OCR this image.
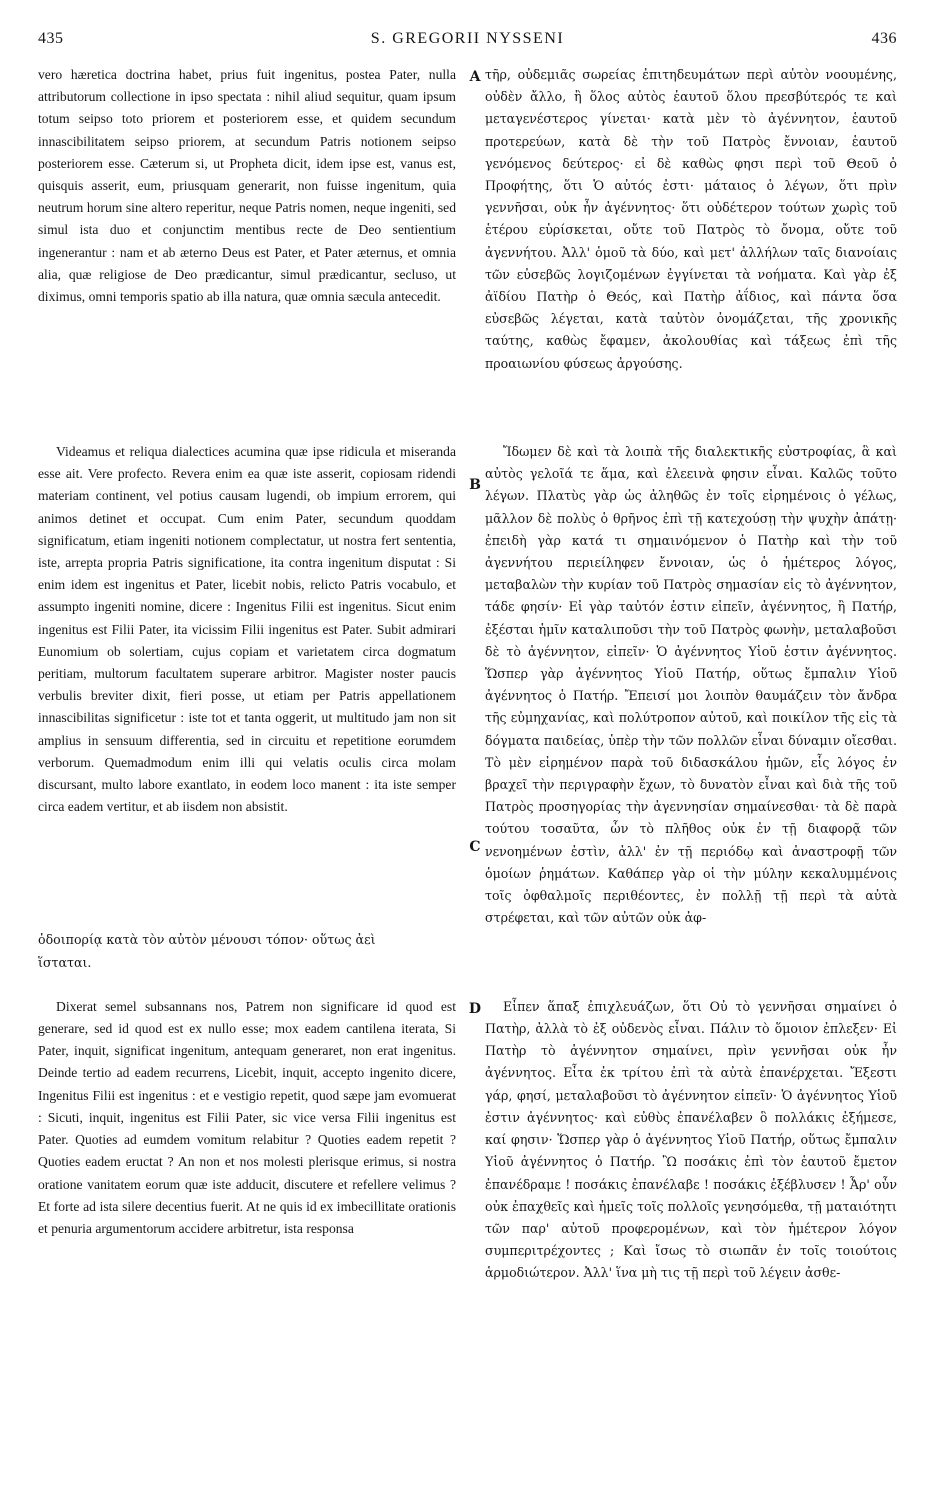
435	S. GREGORII NYSSENI	436

vero hæretica doctrina habet, prius fuit ingenitus, postea Pater, nulla attributorum collectione in ipso spectata : nihil aliud sequitur, quam ipsum totum seipso toto priorem et posteriorem esse, et quidem secundum innascibilitatem seipso priorem, at secundum Patris notionem seipso posteriorem esse. Cæterum si, ut Propheta dicit, idem ipse est, vanus est, quisquis asserit, eum, priusquam generarit, non fuisse ingenitum, quia neutrum horum sine altero reperitur, neque Patris nomen, neque ingeniti, sed simul ista duo et conjunctim mentibus recte de Deo sentientium ingenerantur : nam et ab æterno Deus est Pater, et Pater æternus, et omnia alia, quæ religiose de Deo prædicantur, simul prædicantur, secluso, ut diximus, omni temporis spatio ab illa natura, quæ omnia sæcula antecedit.

Videamus et reliqua dialectices acumina quæ ipse ridicula et miseranda esse ait. Vere profecto. Revera enim ea quæ iste asserit, copiosam ridendi materiam continent, vel potius causam lugendi, ob impium errorem, qui animos detinet et occupat. Cum enim Pater, secundum quoddam significatum, etiam ingeniti notionem complectatur, ut nostra fert sententia, iste, arrepta propria Patris significatione, ita contra ingenitum disputat : Si enim idem est ingenitus et Pater, licebit nobis, relicto Patris vocabulo, et assumpto ingeniti nomine, dicere : Ingenitus Filii est ingenitus. Sicut enim ingenitus est Filii Pater, ita vicissim Filii ingenitus est Pater. Subit admirari Eunomium ob solertiam, cujus copiam et varietatem circa dogmatum peritiam, multorum facultatem superare arbitror. Magister noster paucis verbulis breviter dixit, fieri posse, ut etiam per Patris appellationem innascibilitas significetur : iste tot et tanta oggerit, ut multitudo jam non sit amplius in sensuum differentia, sed in circuitu et repetitione eorumdem verborum. Quemadmodum enim illi qui velatis oculis circa molam discursant, multo labore exantlato, in eodem loco manent : ita iste semper circa eadem vertitur, et ab iisdem non absistit.

A
B
C

τῆρ, οὐδεμιᾶς σωρείας ἐπιτηδευμάτων περὶ αὐτὸν νοουμένης, οὐδὲν ἄλλο, ἢ ὅλος αὐτὸς ἑαυτοῦ ὅλου πρεσβύτερός τε καὶ μεταγενέστερος γίνεται· κατὰ μὲν τὸ ἀγέννητον, ἑαυτοῦ προτερεύων, κατὰ δὲ τὴν τοῦ Πατρὸς ἔννοιαν, ἑαυτοῦ γενόμενος δεύτερος· εἰ δὲ καθὼς φησι περὶ τοῦ Θεοῦ ὁ Προφήτης, ὅτι Ὁ αὐτός ἐστι· μάταιος ὁ λέγων, ὅτι πρὶν γεννῆσαι, οὐκ ἦν ἀγέννητος· ὅτι οὐδέτερον τούτων χωρὶς τοῦ ἑτέρου εὑρίσκεται, οὔτε τοῦ Πατρὸς τὸ ὄνομα, οὔτε τοῦ ἀγεννήτου. Ἀλλ' ὁμοῦ τὰ δύο, καὶ μετ' ἀλλήλων ταῖς διανοίαις τῶν εὐσεβῶς λογιζομένων ἐγγίνεται τὰ νοήματα. Καὶ γὰρ ἐξ ἀϊδίου Πατὴρ ὁ Θεός, καὶ Πατὴρ ἀΐδιος, καὶ πάντα ὅσα εὐσεβῶς λέγεται, κατὰ ταὐτὸν ὀνομάζεται, τῆς χρονικῆς ταύτης, καθὼς ἔφαμεν, ἀκολουθίας καὶ τάξεως ἐπὶ τῆς προαιωνίου φύσεως ἀργούσης.

Ἴδωμεν δὲ καὶ τὰ λοιπὰ τῆς διαλεκτικῆς εὐστροφίας, ἃ καὶ αὐτὸς γελοῖά τε ἅμα, καὶ ἐλεεινὰ φησιν εἶναι. Καλῶς τοῦτο λέγων. Πλατὺς γὰρ ὡς ἀληθῶς ἐν τοῖς εἰρημένοις ὁ γέλως, μᾶλλον δὲ πολὺς ὁ θρῆνος ἐπὶ τῇ κατεχούσῃ τὴν ψυχὴν ἀπάτῃ· ἐπειδὴ γὰρ κατά τι σημαινόμενον ὁ Πατὴρ καὶ τὴν τοῦ ἀγεννήτου περιείληφεν ἔννοιαν, ὡς ὁ ἡμέτερος λόγος, μεταβαλὼν τὴν κυρίαν τοῦ Πατρὸς σημασίαν εἰς τὸ ἀγέννητον, τάδε φησίν· Εἰ γὰρ ταὐτόν ἐστιν εἰπεῖν, ἀγέννητος, ἢ Πατήρ, ἐξέσται ἡμῖν καταλιποῦσι τὴν τοῦ Πατρὸς φωνὴν, μεταλαβοῦσι δὲ τὸ ἀγέννητον, εἰπεῖν· Ὁ ἀγέννητος Υἱοῦ ἐστιν ἀγέννητος. Ὥσπερ γὰρ ἀγέννητος Υἱοῦ Πατήρ, οὕτως ἔμπαλιν Υἱοῦ ἀγέννητος ὁ Πατήρ. Ἔπεισί μοι λοιπὸν θαυμάζειν τὸν ἄνδρα τῆς εὐμηχανίας, καὶ πολύτροπον αὐτοῦ, καὶ ποικίλον τῆς εἰς τὰ δόγματα παιδείας, ὑπὲρ τὴν τῶν πολλῶν εἶναι δύναμιν οἴεσθαι. Τὸ μὲν εἰρημένον παρὰ τοῦ διδασκάλου ἡμῶν, εἷς λόγος ἐν βραχεῖ τὴν περιγραφὴν ἔχων, τὸ δυνατὸν εἶναι καὶ διὰ τῆς τοῦ Πατρὸς προσηγορίας τὴν ἀγεννησίαν σημαίνεσθαι· τὰ δὲ παρὰ τούτου τοσαῦτα, ὧν τὸ πλῆθος οὐκ ἐν τῇ διαφορᾷ τῶν νενοημένων ἐστὶν, ἀλλ' ἐν τῇ περιόδῳ καὶ ἀναστροφῇ τῶν ὁμοίων ῥημάτων. Καθάπερ γὰρ οἱ τὴν μύλην κεκαλυμμένοις τοῖς ὀφθαλμοῖς περιθέοντες, ἐν πολλῇ τῇ περὶ τὰ αὐτὰ στρέφεται, καὶ τῶν αὐτῶν οὐκ ἀφ-

ὁδοιπορίᾳ κατὰ τὸν αὐτὸν μένουσι τόπον· οὕτως ἀεὶ
ἵσταται.

Dixerat semel subsannans nos, Patrem non significare id quod est generare, sed id quod est ex nullo esse; mox eadem cantilena iterata, Si Pater, inquit, significat ingenitum, antequam generaret, non erat ingenitus. Deinde tertio ad eadem recurrens, Licebit, inquit, accepto ingenito dicere, Ingenitus Filii est ingenitus : et e vestigio repetit, quod sæpe jam evomuerat : Sicuti, inquit, ingenitus est Filii Pater, sic vice versa Filii ingenitus est Pater. Quoties ad eumdem vomitum relabitur ? Quoties eadem repetit ? Quoties eadem eructat ? An non et nos molesti plerisque erimus, si nostra oratione vanitatem eorum quæ iste adducit, discutere et refellere velimus ? Et forte ad ista silere decentius fuerit. At ne quis id ex imbecillitate orationis et penuria argumentorum accidere arbitretur, ista responsa

D	Εἶπεν ἅπαξ ἐπιχλευάζων, ὅτι Οὐ τὸ γεννῆσαι σημαίνει ὁ Πατὴρ, ἀλλὰ τὸ ἐξ οὐδενὸς εἶναι. Πάλιν τὸ ὅμοιον ἐπλεξεν· Εἰ Πατὴρ τὸ ἀγέννητον σημαίνει, πρὶν γεννῆσαι οὐκ ἦν ἀγέννητος. Εἶτα ἐκ τρίτου ἐπὶ τὰ αὐτὰ ἐπανέρχεται. Ἔξεστι γάρ, φησί, μεταλαβοῦσι τὸ ἀγέννητον εἰπεῖν· Ὁ ἀγέννητος Υἱοῦ ἐστιν ἀγέννητος· καὶ εὐθὺς ἐπανέλαβεν ὃ πολλάκις ἐξήμεσε, καί φησιν· Ὥσπερ γὰρ ὁ ἀγέννητος Υἱοῦ Πατήρ, οὕτως ἔμπαλιν Υἱοῦ ἀγέννητος ὁ Πατήρ. Ὢ ποσάκις ἐπὶ τὸν ἑαυτοῦ ἔμετον ἐπανέδραμε ! ποσάκις ἐπανέλαβε ! ποσάκις ἐξέβλυσεν ! Ἆρ' οὖν οὐκ ἐπαχθεῖς καὶ ἡμεῖς τοῖς πολλοῖς γενησόμεθα, τῇ ματαιότητι τῶν παρ' αὐτοῦ προφερομένων, καὶ τὸν ἡμέτερον λόγον συμπεριτρέχοντες ; Καὶ ἴσως τὸ σιωπᾶν ἐν τοῖς τοιούτοις ἁρμοδιώτερον. Ἀλλ' ἵνα μὴ τις τῇ περὶ τοῦ λέγειν ἀσθε-
